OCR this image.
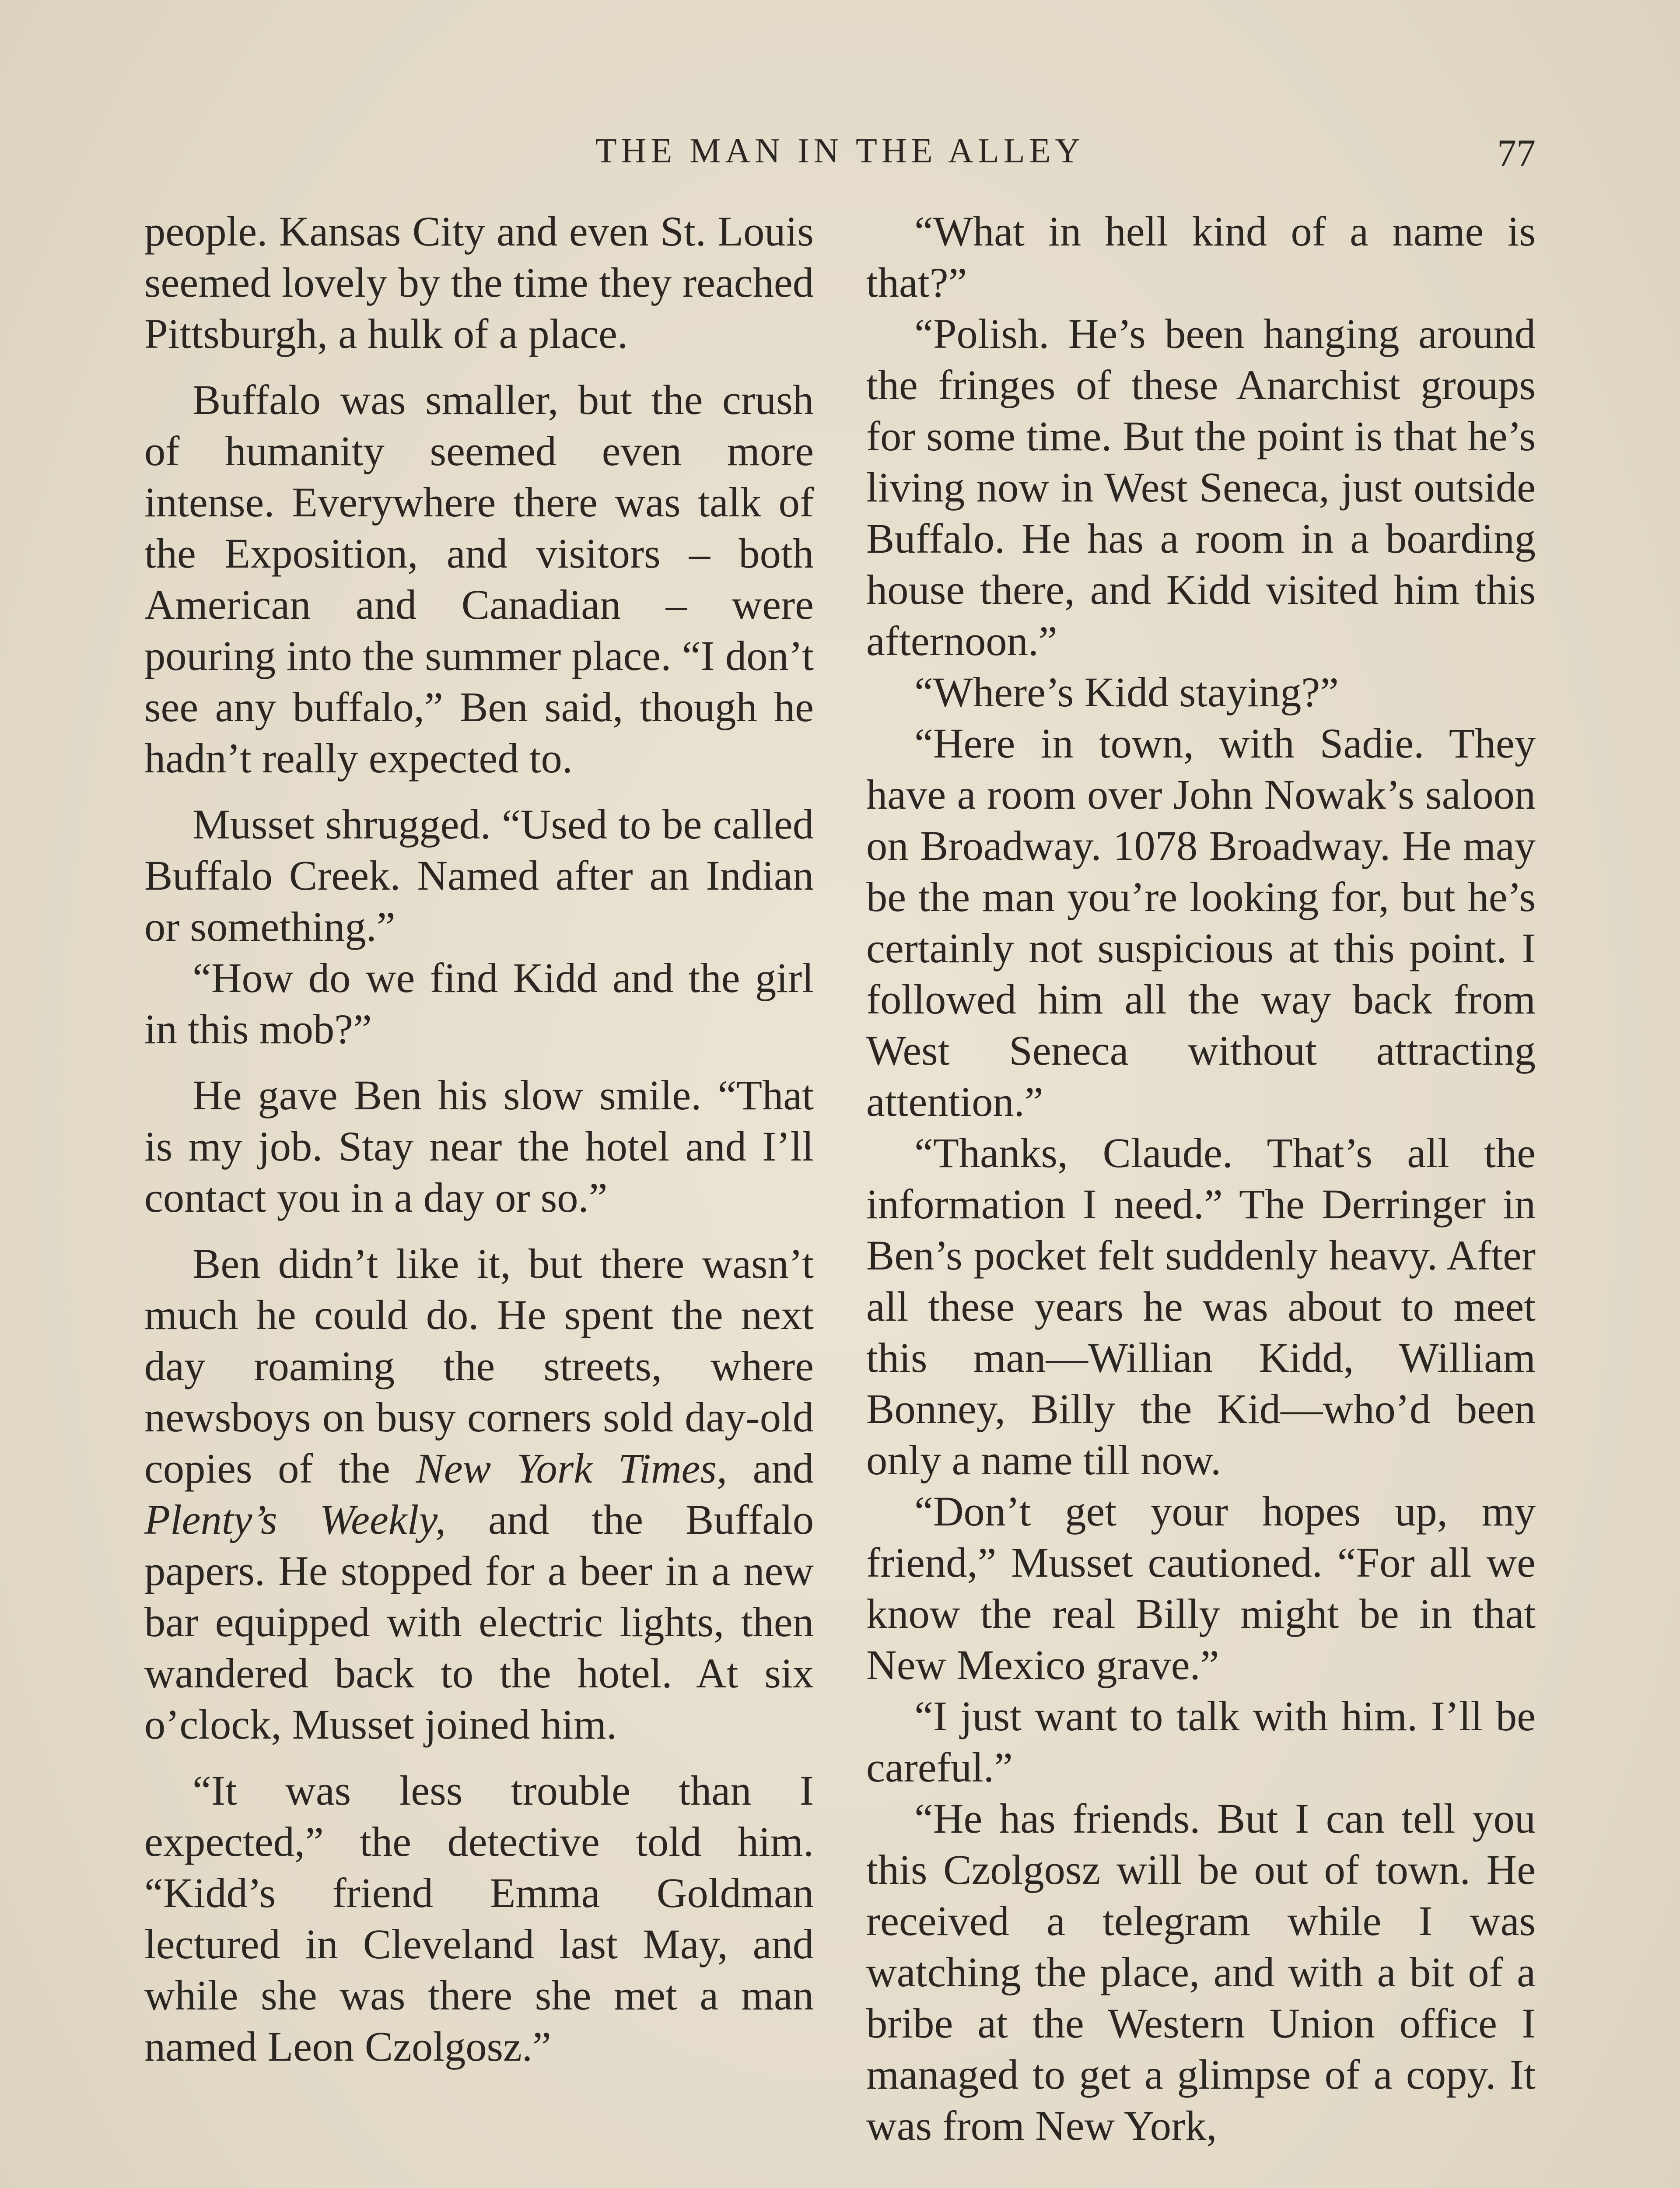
THE MAN IN THE ALLEY	77

people. Kansas City and even St. Louis seemed lovely by the time they reached Pittsburgh, a hulk of a place.

Buffalo was smaller, but the crush of humanity seemed even more intense. Everywhere there was talk of the Exposition, and visitors – both American and Canadian – were pouring into the summer place. “I don’t see any buffalo,” Ben said, though he hadn’t really expected to.

Musset shrugged. “Used to be called Buffalo Creek. Named after an Indian or something.”

“How do we find Kidd and the girl in this mob?”

He gave Ben his slow smile. “That is my job. Stay near the hotel and I’ll contact you in a day or so.”

Ben didn’t like it, but there wasn’t much he could do. He spent the next day roaming the streets, where newsboys on busy corners sold day-old copies of the New York Times, and Plenty’s Weekly, and the Buffalo papers. He stopped for a beer in a new bar equipped with electric lights, then wandered back to the hotel. At six o’clock, Musset joined him.

“It was less trouble than I expected,” the detective told him. “Kidd’s friend Emma Goldman lectured in Cleveland last May, and while she was there she met a man named Leon Czolgosz.”

“What in hell kind of a name is that?”

“Polish. He’s been hanging around the fringes of these Anarchist groups for some time. But the point is that he’s living now in West Seneca, just outside Buffalo. He has a room in a boarding house there, and Kidd visited him this afternoon.”

“Where’s Kidd staying?”

“Here in town, with Sadie. They have a room over John Nowak’s saloon on Broadway. 1078 Broadway. He may be the man you’re looking for, but he’s certainly not suspicious at this point. I followed him all the way back from West Seneca without attracting attention.”

“Thanks, Claude. That’s all the information I need.” The Derringer in Ben’s pocket felt suddenly heavy. After all these years he was about to meet this man—Willian Kidd, William Bonney, Billy the Kid—who’d been only a name till now.

“Don’t get your hopes up, my friend,” Musset cautioned. “For all we know the real Billy might be in that New Mexico grave.”

“I just want to talk with him. I’ll be careful.”

“He has friends. But I can tell you this Czolgosz will be out of town. He received a telegram while I was watching the place, and with a bit of a bribe at the Western Union office I managed to get a glimpse of a copy. It was from New York,
